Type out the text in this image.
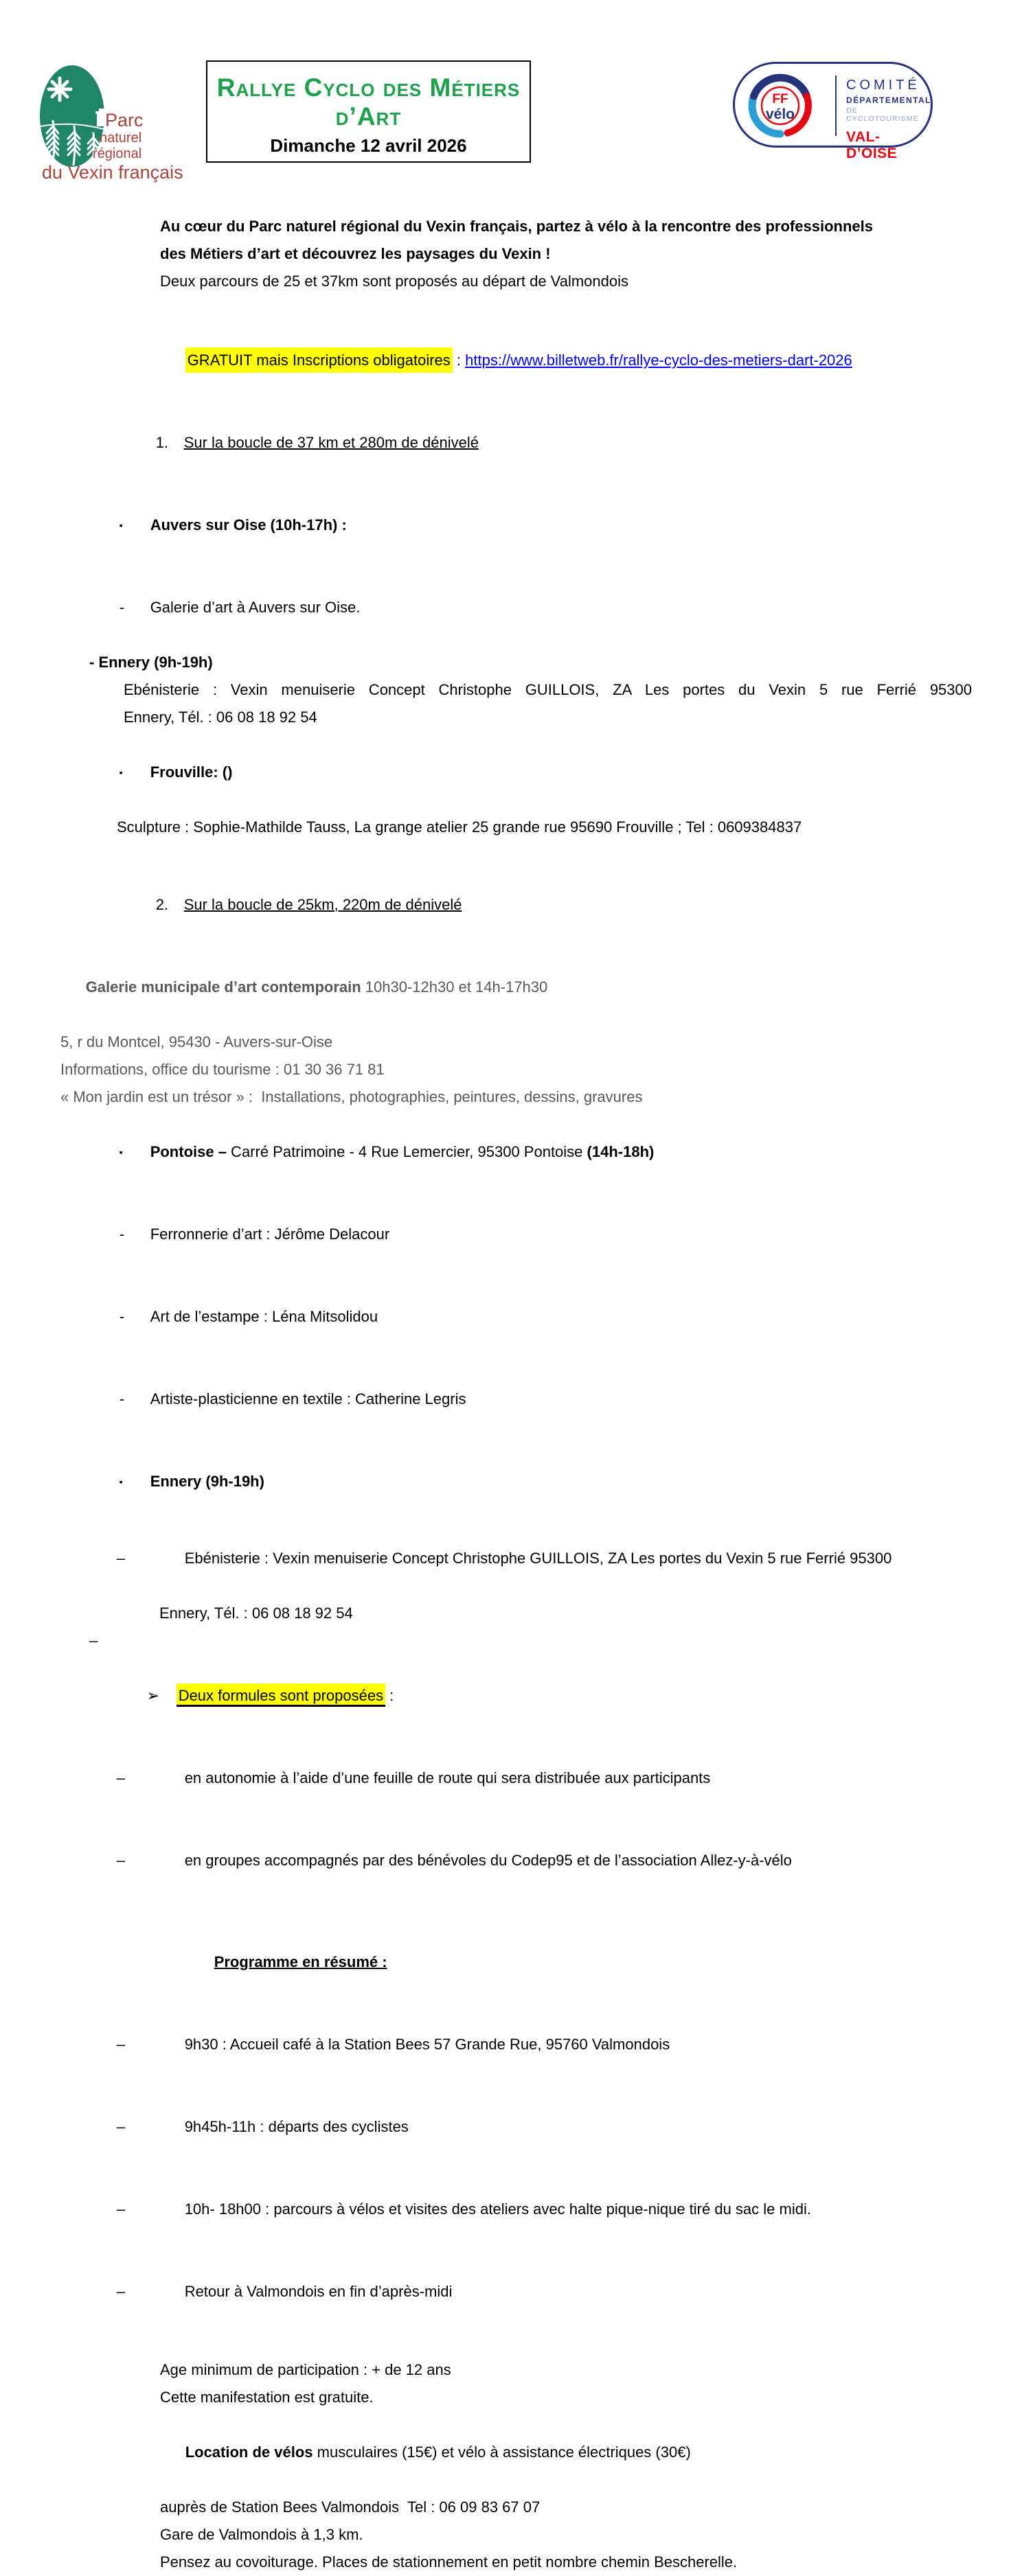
Parc
naturel
régional
du Vexin français
Rallye Cyclo des Métiers d’Art
Dimanche 12 avril 2026
FF
vélo
COMITÉ
DÉPARTEMENTAL
DE CYCLOTOURISME
VAL-D’OISE
Au cœur du Parc naturel régional du Vexin français, partez à vélo à la rencontre des professionnels
des Métiers d’art et découvrez les paysages du Vexin !
Deux parcours de 25 et 37km sont proposés au départ de Valmondois

GRATUIT mais Inscriptions obligatoires : https://www.billetweb.fr/rallye-cyclo-des-metiers-dart-2026

1. Sur la boucle de 37 km et 280m de dénivelé

▪ Auvers sur Oise (10h-17h) :

- Galerie d’art à Auvers sur Oise.

- Ennery (9h-19h)
Ebénisterie : Vexin menuiserie Concept Christophe GUILLOIS, ZA Les portes du Vexin 5 rue Ferrié 95300
Ennery, Tél. : 06 08 18 92 54

▪ Frouville: ()

Sculpture : Sophie-Mathilde Tauss, La grange atelier 25 grande rue 95690 Frouville ; Tel : 0609384837

2. Sur la boucle de 25km, 220m de dénivelé

Galerie municipale d’art contemporain 10h30-12h30 et 14h-17h30

5, r du Montcel, 95430 - Auvers-sur-Oise
Informations, office du tourisme : 01 30 36 71 81
« Mon jardin est un trésor » :  Installations, photographies, peintures, dessins, gravures

▪ Pontoise – Carré Patrimoine - 4 Rue Lemercier, 95300 Pontoise (14h-18h)

- Ferronnerie d’art : Jérôme Delacour

- Art de l’estampe : Léna Mitsolidou

- Artiste-plasticienne en textile : Catherine Legris

▪ Ennery (9h-19h)

–	Ebénisterie : Vexin menuiserie Concept Christophe GUILLOIS, ZA Les portes du Vexin 5 rue Ferrié 95300

Ennery, Tél. : 06 08 18 92 54
–

➢ Deux formules sont proposées :

–	en autonomie à l’aide d’une feuille de route qui sera distribuée aux participants

–	en groupes accompagnés par des bénévoles du Codep95 et de l’association Allez-y-à-vélo

Programme en résumé :

–	9h30 : Accueil café à la Station Bees 57 Grande Rue, 95760 Valmondois

–	9h45h-11h : départs des cyclistes

–	10h- 18h00 : parcours à vélos et visites des ateliers avec halte pique-nique tiré du sac le midi.

–	Retour à Valmondois en fin d’après-midi

Age minimum de participation : + de 12 ans
Cette manifestation est gratuite.

Location de vélos musculaires (15€) et vélo à assistance électriques (30€)

auprès de Station Bees Valmondois  Tel : 06 09 83 67 07
Gare de Valmondois à 1,3 km.
Pensez au covoiturage. Places de stationnement en petit nombre chemin Bescherelle.
